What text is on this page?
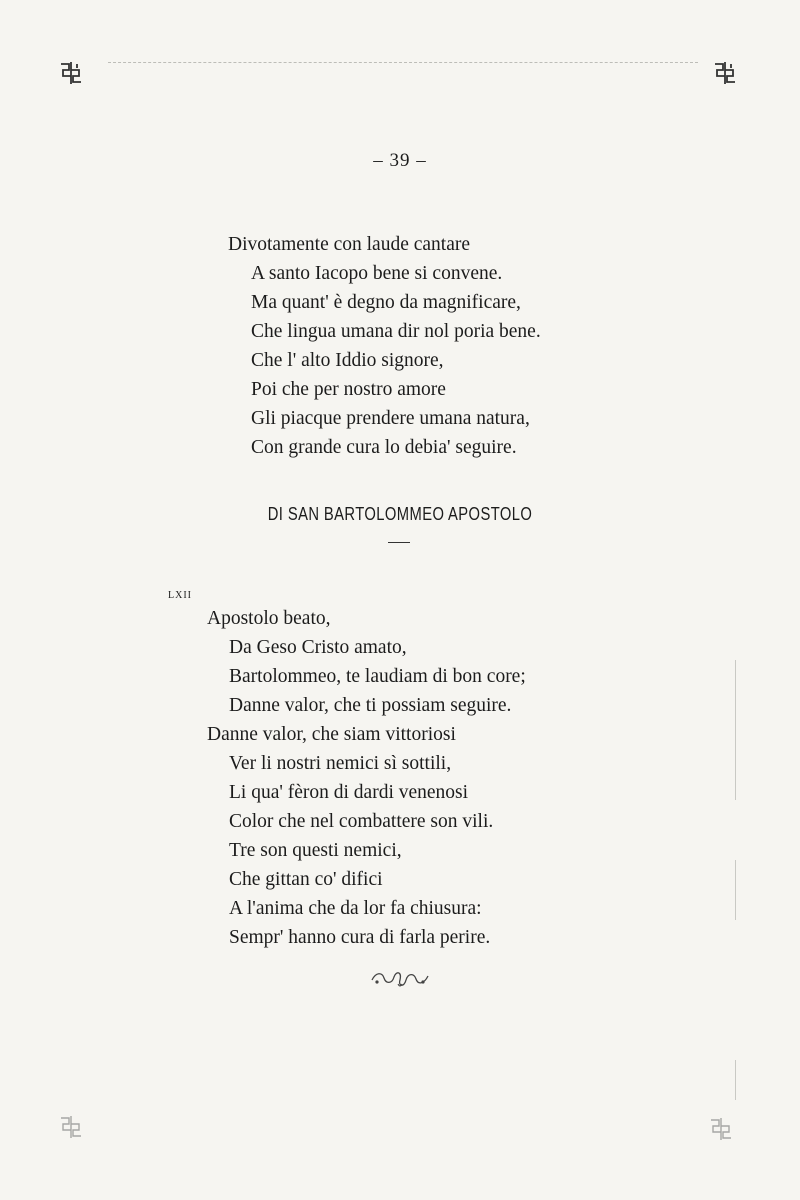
– 39 –
Divotamente con laude cantare
A santo Iacopo bene si convene.
Ma quant' è degno da magnificare,
Che lingua umana dir nol poria bene.
Che l' alto Iddio signore,
Poi che per nostro amore
Gli piacque prendere umana natura,
Con grande cura lo debia' seguire.
DI SAN BARTOLOMMEO APOSTOLO
LXII
Apostolo beato,
Da Geso Cristo amato,
Bartolommeo, te laudiam di bon core;
Danne valor, che ti possiam seguire.
Danne valor, che siam vittoriosi
Ver li nostri nemici sì sottili,
Li qua' fèron di dardi venenosi
Color che nel combattere son vili.
Tre son questi nemici,
Che gittan co' difici
A l'anima che da lor fa chiusura:
Sempr' hanno cura di farla perire.
